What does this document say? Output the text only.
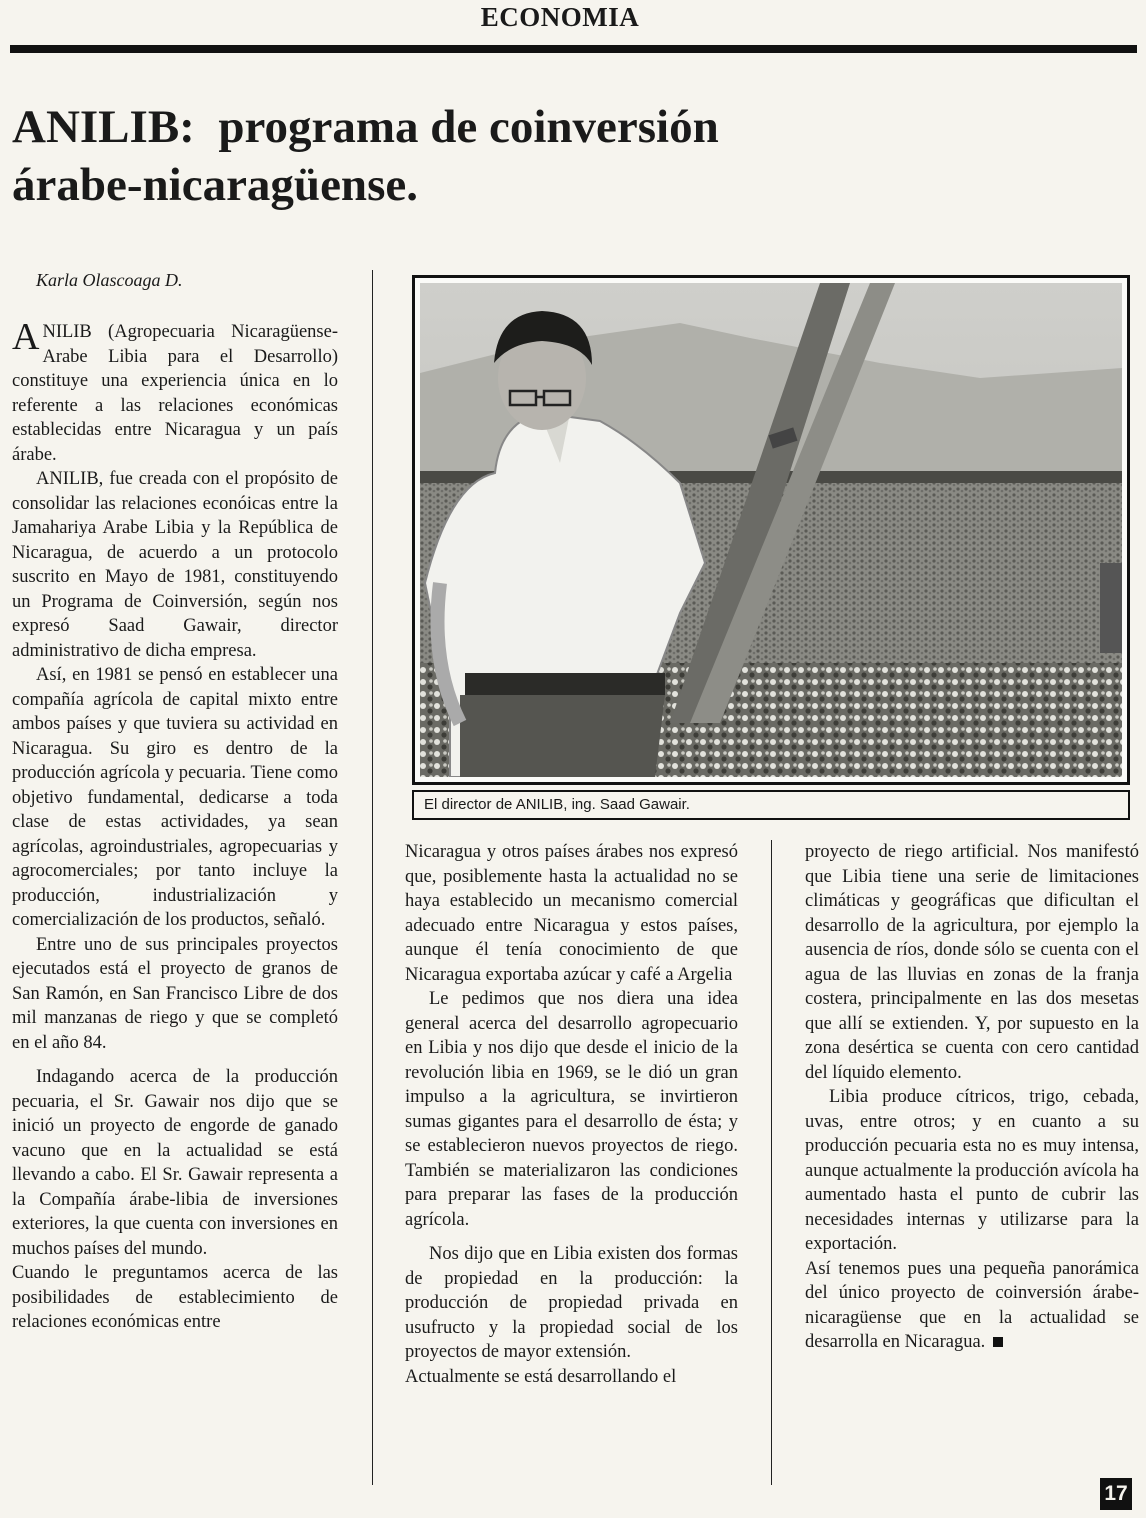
ECONOMIA
ANILIB:  programa de coinversión
árabe-nicaragüense.
Karla Olascoaga D.

ANILIB (Agropecuaria Nicaragüense-Arabe Libia para el Desarrollo) constituye una experiencia única en lo referente a las relaciones económicas establecidas entre Nicaragua y un país árabe.

ANILIB, fue creada con el propósito de consolidar las relaciones econóicas entre la Jamahariya Arabe Libia y la República de Nicaragua, de acuerdo a un protocolo suscrito en Mayo de 1981, constituyendo un Programa de Coinversión, según nos expresó Saad Gawair, director administrativo de dicha empresa.

Así, en 1981 se pensó en establecer una compañía agrícola de capital mixto entre ambos países y que tuviera su actividad en Nicaragua. Su giro es dentro de la producción agrícola y pecuaria. Tiene como objetivo fundamental, dedicarse a toda clase de estas actividades, ya sean agrícolas, agroindustriales, agropecuarias y agrocomerciales; por tanto incluye la producción, industrialización y comercialización de los productos, señaló.

Entre uno de sus principales proyectos ejecutados está el proyecto de granos de San Ramón, en San Francisco Libre de dos mil manzanas de riego y que se completó en el año 84.

Indagando acerca de la producción pecuaria, el Sr. Gawair nos dijo que se inició un proyecto de engorde de ganado vacuno que en la actualidad se está llevando a cabo. El Sr. Gawair representa a la Compañía árabe-libia de inversiones exteriores, la que cuenta con inversiones en muchos países del mundo.

Cuando le preguntamos acerca de las posibilidades de establecimiento de relaciones económicas entre

El director de ANILIB, ing. Saad Gawair.

Nicaragua y otros países árabes nos expresó que, posiblemente hasta la actualidad no se haya establecido un mecanismo comercial adecuado entre Nicaragua y estos países, aunque él tenía conocimiento de que Nicaragua exportaba azúcar y café a Argelia

Le pedimos que nos diera una idea general acerca del desarrollo agropecuario en Libia y nos dijo que desde el inicio de la revolución libia en 1969, se le dió un gran impulso a la agricultura, se invirtieron sumas gigantes para el desarrollo de ésta; y se establecieron nuevos proyectos de riego. También se materializaron las condiciones para preparar las fases de la producción agrícola.

Nos dijo que en Libia existen dos formas de propiedad en la producción: la producción de propiedad privada en usufructo y la propiedad social de los proyectos de mayor extensión.

Actualmente se está desarrollando el

proyecto de riego artificial. Nos manifestó que Libia tiene una serie de limitaciones climáticas y geográficas que dificultan el desarrollo de la agricultura, por ejemplo la ausencia de ríos, donde sólo se cuenta con el agua de las lluvias en zonas de la franja costera, principalmente en las dos mesetas que allí se extienden. Y, por supuesto en la zona desértica se cuenta con cero cantidad del líquido elemento.

Libia produce cítricos, trigo, cebada, uvas, entre otros; y en cuanto a su producción pecuaria esta no es muy intensa, aunque actualmente la producción avícola ha aumentado hasta el punto de cubrir las necesidades internas y utilizarse para la exportación.

Así tenemos pues una pequeña panorámica del único proyecto de coinversión árabe-nicaragüense que en la actualidad se desarrolla en Nicaragua.

17
